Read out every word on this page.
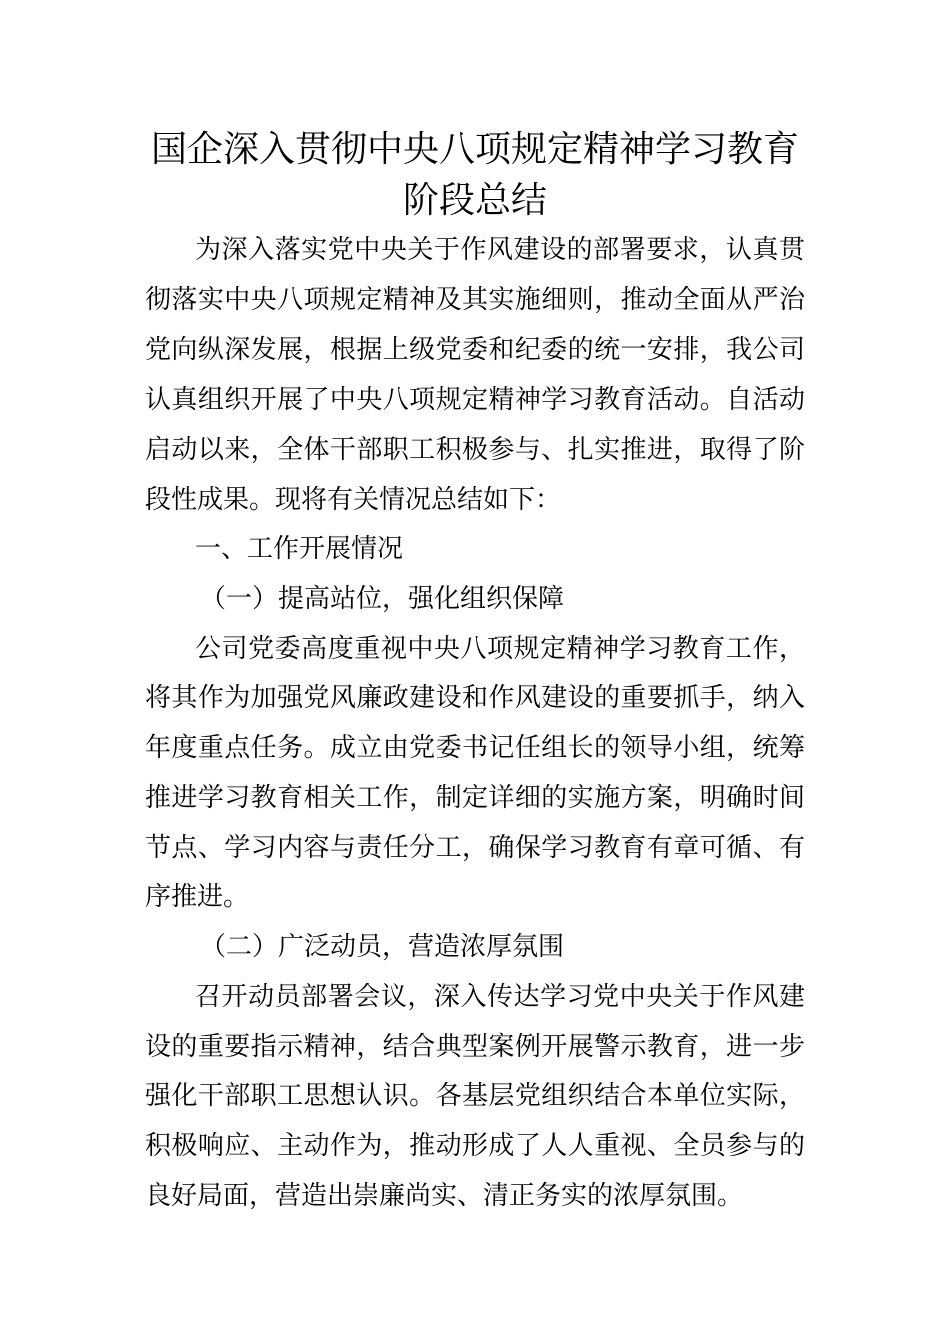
国企深入贯彻中央八项规定精神学习教育
阶段总结

为深入落实党中央关于作风建设的部署要求，认真贯

彻落实中央八项规定精神及其实施细则，推动全面从严治

党向纵深发展，根据上级党委和纪委的统一安排，我公司

认真组织开展了中央八项规定精神学习教育活动。自活动

启动以来，全体干部职工积极参与、扎实推进，取得了阶

段性成果。现将有关情况总结如下：

一、工作开展情况

（一）提高站位，强化组织保障

公司党委高度重视中央八项规定精神学习教育工作，

将其作为加强党风廉政建设和作风建设的重要抓手，纳入

年度重点任务。成立由党委书记任组长的领导小组，统筹

推进学习教育相关工作，制定详细的实施方案，明确时间

节点、学习内容与责任分工，确保学习教育有章可循、有

序推进。

（二）广泛动员，营造浓厚氛围

召开动员部署会议，深入传达学习党中央关于作风建

设的重要指示精神，结合典型案例开展警示教育，进一步

强化干部职工思想认识。各基层党组织结合本单位实际，

积极响应、主动作为，推动形成了人人重视、全员参与的

良好局面，营造出崇廉尚实、清正务实的浓厚氛围。
